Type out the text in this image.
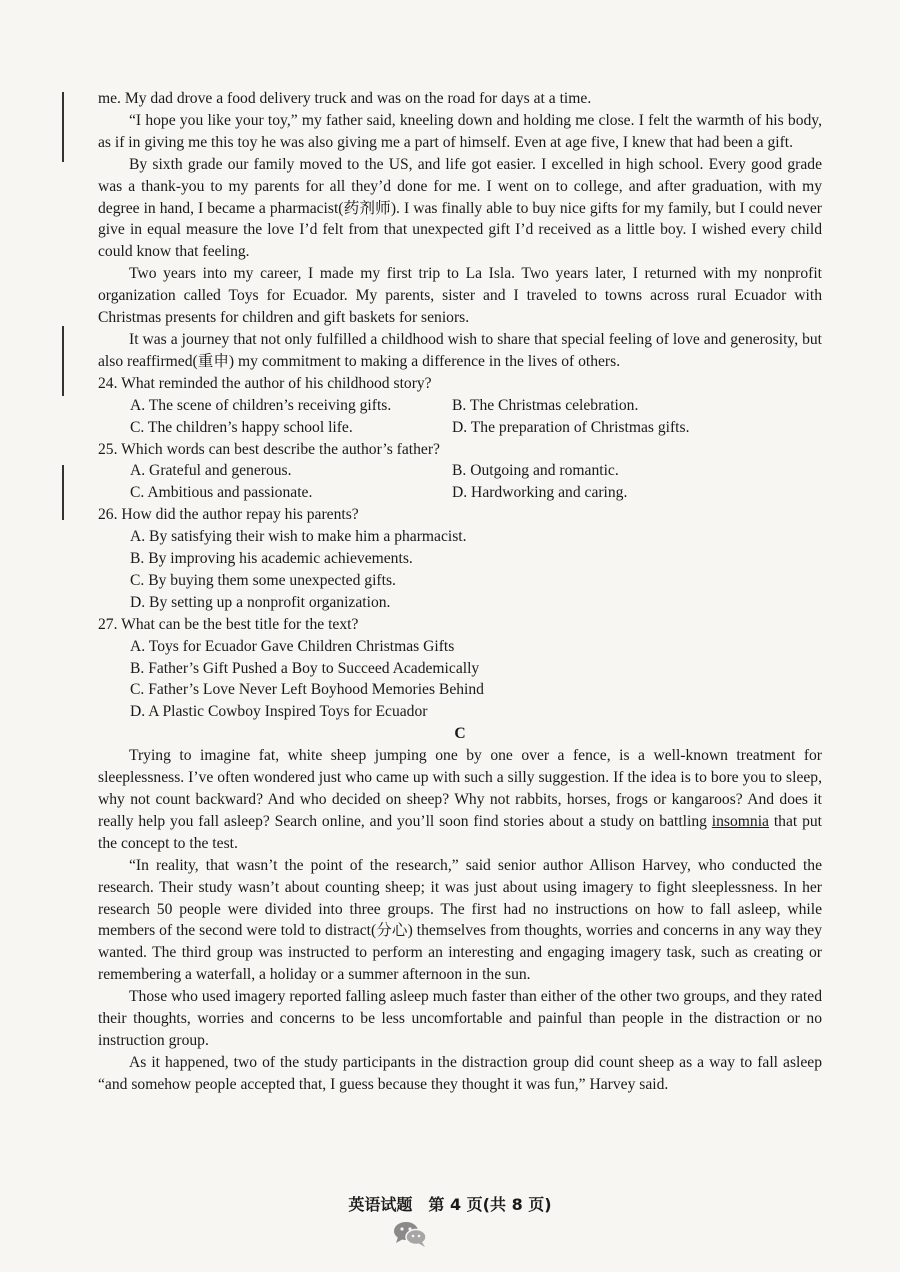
me. My dad drove a food delivery truck and was on the road for days at a time.

“I hope you like your toy,” my father said, kneeling down and holding me close. I felt the warmth of his body, as if in giving me this toy he was also giving me a part of himself. Even at age five, I knew that had been a gift.

By sixth grade our family moved to the US, and life got easier. I excelled in high school. Every good grade was a thank-you to my parents for all they’d done for me. I went on to college, and after graduation, with my degree in hand, I became a pharmacist(药剂师). I was finally able to buy nice gifts for my family, but I could never give in equal measure the love I’d felt from that unexpected gift I’d received as a little boy. I wished every child could know that feeling.

Two years into my career, I made my first trip to La Isla. Two years later, I returned with my nonprofit organization called Toys for Ecuador. My parents, sister and I traveled to towns across rural Ecuador with Christmas presents for children and gift baskets for seniors.

It was a journey that not only fulfilled a childhood wish to share that special feeling of love and generosity, but also reaffirmed(重申) my commitment to making a difference in the lives of others.

24. What reminded the author of his childhood story?

A. The scene of children’s receiving gifts.	B. The Christmas celebration.
C. The children’s happy school life.	D. The preparation of Christmas gifts.

25. Which words can best describe the author’s father?

A. Grateful and generous.	B. Outgoing and romantic.
C. Ambitious and passionate.	D. Hardworking and caring.

26. How did the author repay his parents?

A. By satisfying their wish to make him a pharmacist.
B. By improving his academic achievements.
C. By buying them some unexpected gifts.
D. By setting up a nonprofit organization.

27. What can be the best title for the text?

A. Toys for Ecuador Gave Children Christmas Gifts
B. Father’s Gift Pushed a Boy to Succeed Academically
C. Father’s Love Never Left Boyhood Memories Behind
D. A Plastic Cowboy Inspired Toys for Ecuador

C

Trying to imagine fat, white sheep jumping one by one over a fence, is a well-known treatment for sleeplessness. I’ve often wondered just who came up with such a silly suggestion. If the idea is to bore you to sleep, why not count backward? And who decided on sheep? Why not rabbits, horses, frogs or kangaroos? And does it really help you fall asleep? Search online, and you’ll soon find stories about a study on battling insomnia that put the concept to the test.

“In reality, that wasn’t the point of the research,” said senior author Allison Harvey, who conducted the research. Their study wasn’t about counting sheep; it was just about using imagery to fight sleeplessness. In her research 50 people were divided into three groups. The first had no instructions on how to fall asleep, while members of the second were told to distract(分心) themselves from thoughts, worries and concerns in any way they wanted. The third group was instructed to perform an interesting and engaging imagery task, such as creating or remembering a waterfall, a holiday or a summer afternoon in the sun.

Those who used imagery reported falling asleep much faster than either of the other two groups, and they rated their thoughts, worries and concerns to be less uncomfortable and painful than people in the distraction or no instruction group.

As it happened, two of the study participants in the distraction group did count sheep as a way to fall asleep “and somehow people accepted that, I guess because they thought it was fun,” Harvey said.

英语试题　第 4 页(共 8 页)
